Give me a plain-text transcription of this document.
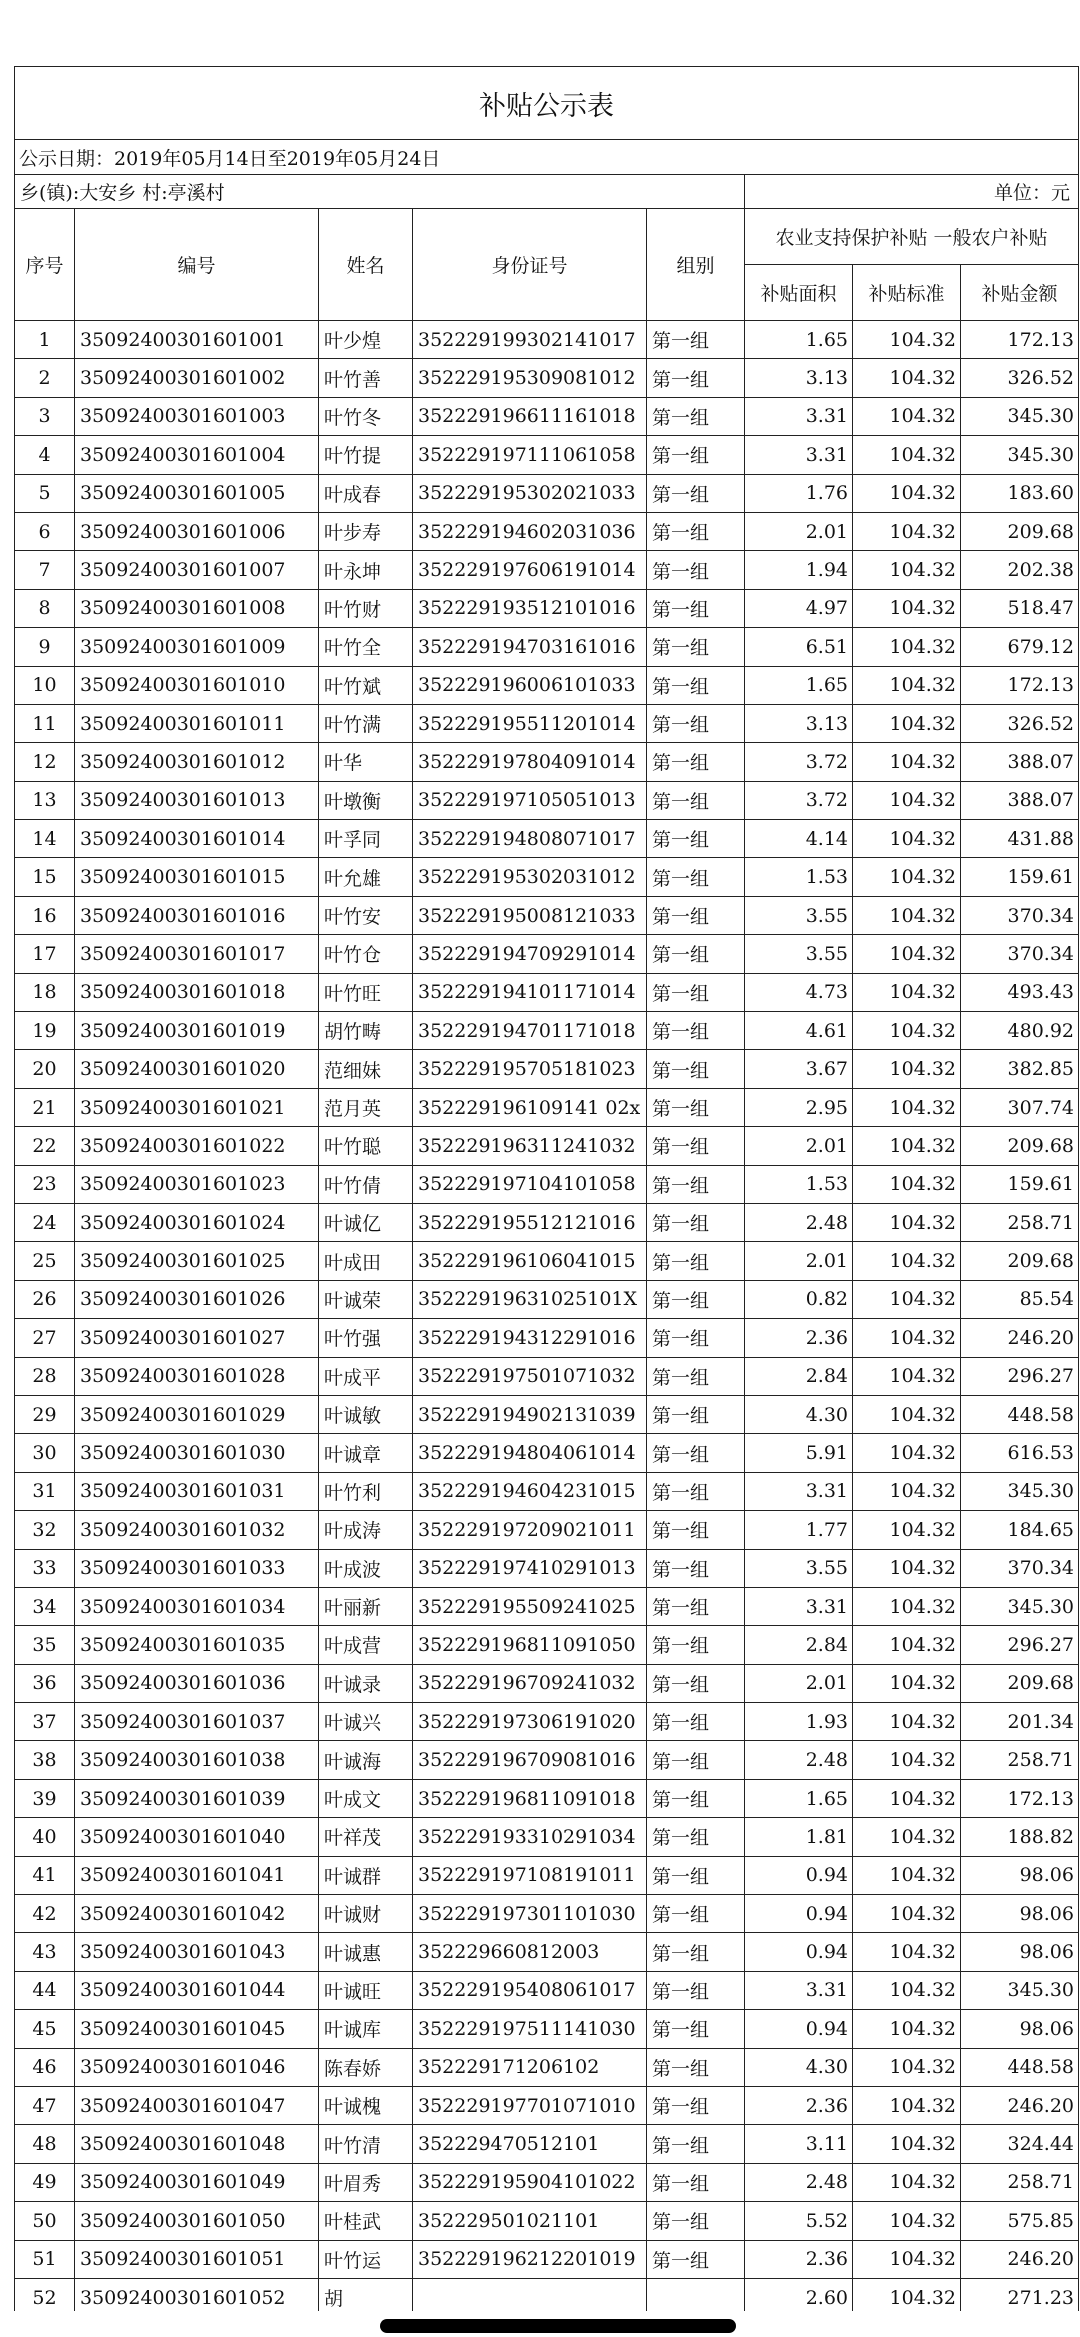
补贴公示表							
公示日期：2019年05月14日至2019年05月24日							
乡(镇):大安乡 村:亭溪村					单位：元		
序号	编号	姓名	身份证号	组别	农业支持保护补贴 一般农户补贴		
					补贴面积	补贴标准	补贴金额
1	35092400301601001	叶少煌	352229199302141017	第一组	1.65	104.32	172.13
2	35092400301601002	叶竹善	352229195309081012	第一组	3.13	104.32	326.52
3	35092400301601003	叶竹冬	352229196611161018	第一组	3.31	104.32	345.30
4	35092400301601004	叶竹提	352229197111061058	第一组	3.31	104.32	345.30
5	35092400301601005	叶成春	352229195302021033	第一组	1.76	104.32	183.60
6	35092400301601006	叶步寿	352229194602031036	第一组	2.01	104.32	209.68
7	35092400301601007	叶永坤	352229197606191014	第一组	1.94	104.32	202.38
8	35092400301601008	叶竹财	352229193512101016	第一组	4.97	104.32	518.47
9	35092400301601009	叶竹全	352229194703161016	第一组	6.51	104.32	679.12
10	35092400301601010	叶竹斌	352229196006101033	第一组	1.65	104.32	172.13
11	35092400301601011	叶竹满	352229195511201014	第一组	3.13	104.32	326.52
12	35092400301601012	叶华	352229197804091014	第一组	3.72	104.32	388.07
13	35092400301601013	叶墩衡	352229197105051013	第一组	3.72	104.32	388.07
14	35092400301601014	叶孚同	352229194808071017	第一组	4.14	104.32	431.88
15	35092400301601015	叶允雄	352229195302031012	第一组	1.53	104.32	159.61
16	35092400301601016	叶竹安	352229195008121033	第一组	3.55	104.32	370.34
17	35092400301601017	叶竹仓	352229194709291014	第一组	3.55	104.32	370.34
18	35092400301601018	叶竹旺	352229194101171014	第一组	4.73	104.32	493.43
19	35092400301601019	胡竹畴	352229194701171018	第一组	4.61	104.32	480.92
20	35092400301601020	范细妹	352229195705181023	第一组	3.67	104.32	382.85
21	35092400301601021	范月英	352229196109141 02x	第一组	2.95	104.32	307.74
22	35092400301601022	叶竹聪	352229196311241032	第一组	2.01	104.32	209.68
23	35092400301601023	叶竹倩	352229197104101058	第一组	1.53	104.32	159.61
24	35092400301601024	叶诚亿	352229195512121016	第一组	2.48	104.32	258.71
25	35092400301601025	叶成田	352229196106041015	第一组	2.01	104.32	209.68
26	35092400301601026	叶诚荣	35222919631025101X	第一组	0.82	104.32	85.54
27	35092400301601027	叶竹强	352229194312291016	第一组	2.36	104.32	246.20
28	35092400301601028	叶成平	352229197501071032	第一组	2.84	104.32	296.27
29	35092400301601029	叶诚敏	352229194902131039	第一组	4.30	104.32	448.58
30	35092400301601030	叶诚章	352229194804061014	第一组	5.91	104.32	616.53
31	35092400301601031	叶竹利	352229194604231015	第一组	3.31	104.32	345.30
32	35092400301601032	叶成涛	352229197209021011	第一组	1.77	104.32	184.65
33	35092400301601033	叶成波	352229197410291013	第一组	3.55	104.32	370.34
34	35092400301601034	叶丽新	352229195509241025	第一组	3.31	104.32	345.30
35	35092400301601035	叶成营	352229196811091050	第一组	2.84	104.32	296.27
36	35092400301601036	叶诚录	352229196709241032	第一组	2.01	104.32	209.68
37	35092400301601037	叶诚兴	352229197306191020	第一组	1.93	104.32	201.34
38	35092400301601038	叶诚海	352229196709081016	第一组	2.48	104.32	258.71
39	35092400301601039	叶成文	352229196811091018	第一组	1.65	104.32	172.13
40	35092400301601040	叶祥茂	352229193310291034	第一组	1.81	104.32	188.82
41	35092400301601041	叶诚群	352229197108191011	第一组	0.94	104.32	98.06
42	35092400301601042	叶诚财	352229197301101030	第一组	0.94	104.32	98.06
43	35092400301601043	叶诚惠	352229660812003	第一组	0.94	104.32	98.06
44	35092400301601044	叶诚旺	352229195408061017	第一组	3.31	104.32	345.30
45	35092400301601045	叶诚库	352229197511141030	第一组	0.94	104.32	98.06
46	35092400301601046	陈春娇	352229171206102	第一组	4.30	104.32	448.58
47	35092400301601047	叶诚槐	352229197701071010	第一组	2.36	104.32	246.20
48	35092400301601048	叶竹清	352229470512101	第一组	3.11	104.32	324.44
49	35092400301601049	叶眉秀	352229195904101022	第一组	2.48	104.32	258.71
50	35092400301601050	叶桂武	352229501021101	第一组	5.52	104.32	575.85
51	35092400301601051	叶竹运	352229196212201019	第一组	2.36	104.32	246.20
52	35092400301601052	胡			2.60	104.32	271.23
